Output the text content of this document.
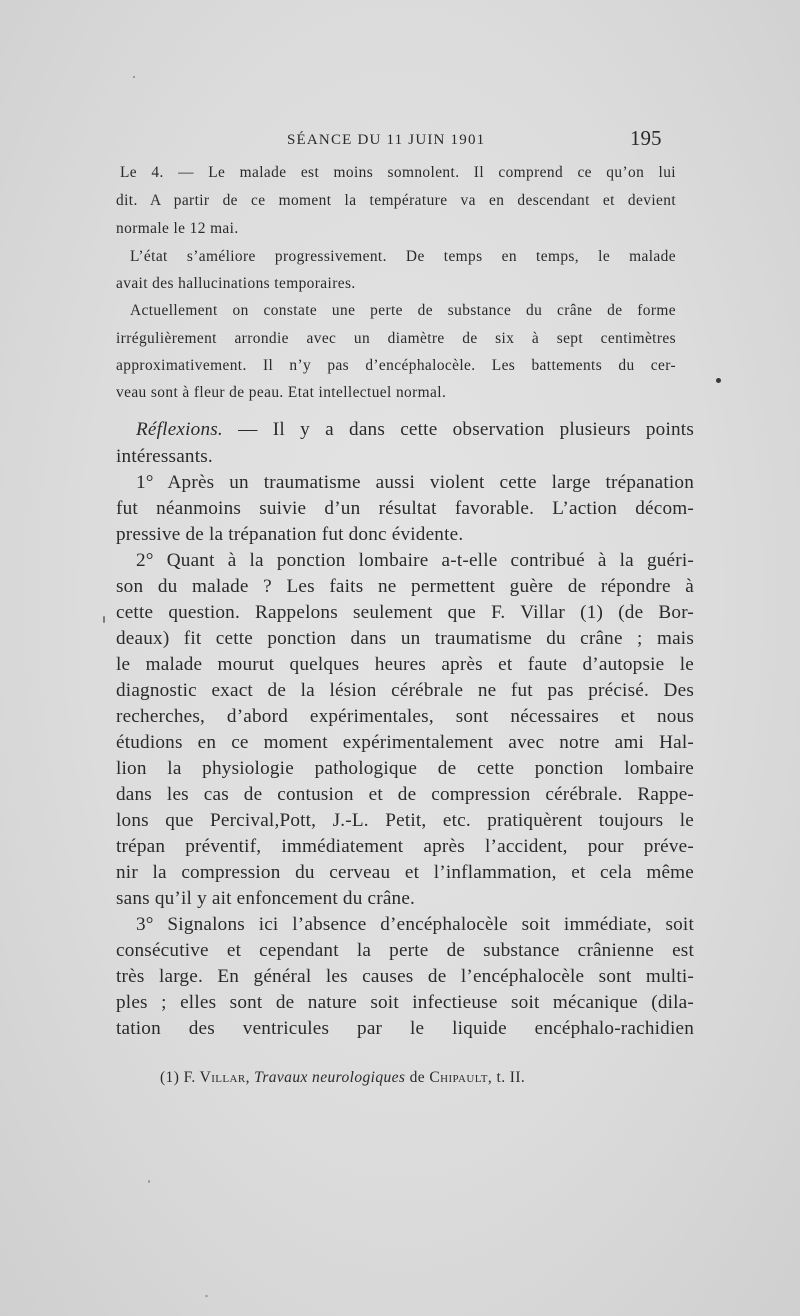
SÉANCE DU 11 JUIN 1901	195
Le 4. — Le malade est moins somnolent. Il comprend ce qu’on lui
dit. A partir de ce moment la température va en descendant et devient
normale le 12 mai.
L’état s’améliore progressivement. De temps en temps, le malade
avait des hallucinations temporaires.
Actuellement on constate une perte de substance du crâne de forme
irrégulièrement arrondie avec un diamètre de six à sept centimètres
approximativement. Il n’y pas d’encéphalocèle. Les battements du cer-
veau sont à fleur de peau. Etat intellectuel normal.
Réflexions. — Il y a dans cette observation plusieurs points
intéressants.
1° Après un traumatisme aussi violent cette large trépanation
fut néanmoins suivie d’un résultat favorable. L’action décom-
pressive de la trépanation fut donc évidente.
2° Quant à la ponction lombaire a-t-elle contribué à la guéri-
son du malade ? Les faits ne permettent guère de répondre à
cette question. Rappelons seulement que F. Villar (1) (de Bor-
deaux) fit cette ponction dans un traumatisme du crâne ; mais
le malade mourut quelques heures après et faute d’autopsie le
diagnostic exact de la lésion cérébrale ne fut pas précisé. Des
recherches, d’abord expérimentales, sont nécessaires et nous
étudions en ce moment expérimentalement avec notre ami Hal-
lion la physiologie pathologique de cette ponction lombaire
dans les cas de contusion et de compression cérébrale. Rappe-
lons que Percival,Pott, J.-L. Petit, etc. pratiquèrent toujours le
trépan préventif, immédiatement après l’accident, pour préve-
nir la compression du cerveau et l’inflammation, et cela même
sans qu’il y ait enfoncement du crâne.
3° Signalons ici l’absence d’encéphalocèle soit immédiate, soit
consécutive et cependant la perte de substance crânienne est
très large. En général les causes de l’encéphalocèle sont multi-
ples ; elles sont de nature soit infectieuse soit mécanique (dila-
tation des ventricules par le liquide encéphalo-rachidien
(1) F. Villar, Travaux neurologiques de Chipault, t. II.
